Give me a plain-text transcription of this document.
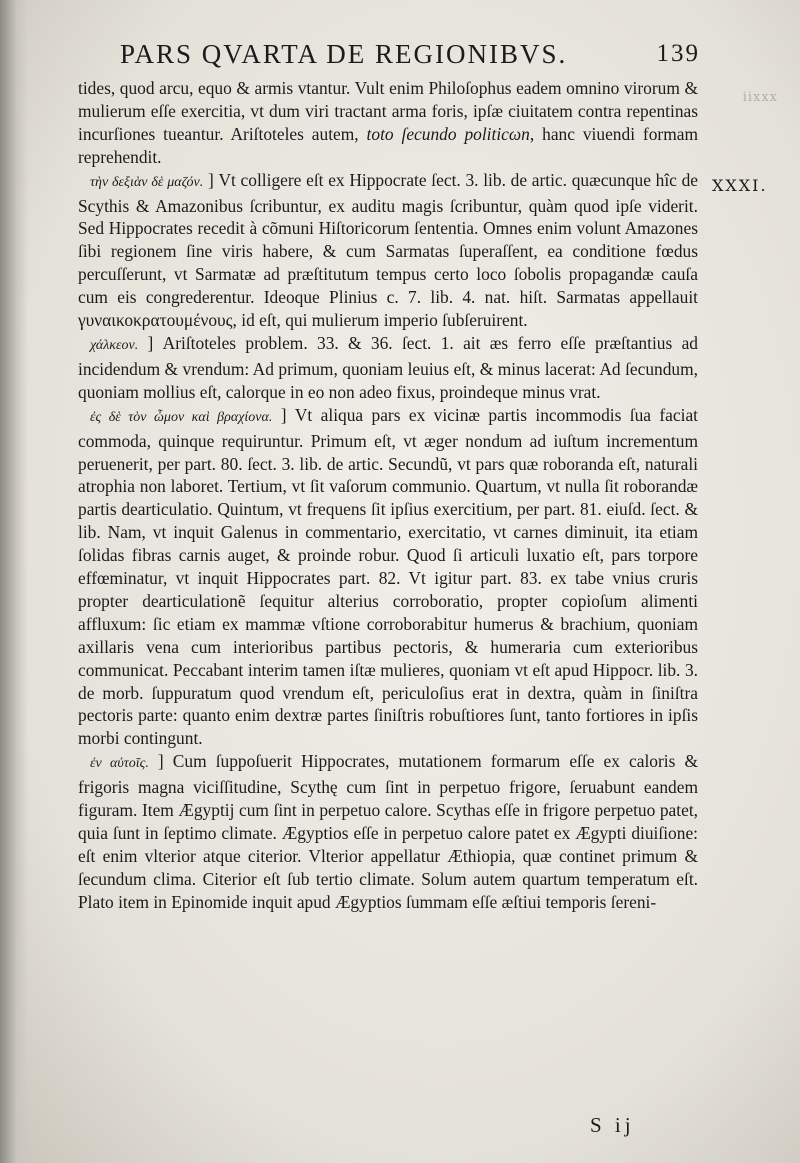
PARS QVARTA DE REGIONIBVS.	139
iixxx
XXXI.

tides, quod arcu, equo & armis vtantur. Vult enim Philoſophus eadem omnino virorum & mulierum eſſe exercitia, vt dum viri tractant arma foris, ipſæ ciuitatem contra repentinas incurſiones tueantur. Ariſtoteles autem, toto ſecundo politicωn, hanc viuendi formam reprehendit.

τὴν δεξιὰν δὲ μαζόν. ] Vt colligere eſt ex Hippocrate ſect. 3. lib. de artic. quæcunque hîc de Scythis & Amazonibus ſcribuntur, ex auditu magis ſcribuntur, quàm quod ipſe viderit. Sed Hippocrates recedit à cõmuni Hiſtoricorum ſententia. Omnes enim volunt Amazones ſibi regionem ſine viris habere, & cum Sarmatas ſuperaſſent, ea conditione fœdus percuſſerunt, vt Sarmatæ ad præſtitutum tempus certo loco ſobolis propagandæ cauſa cum eis congrederentur. Ideoque Plinius c. 7. lib. 4. nat. hiſt. Sarmatas appellauit γυναικοκρατουμένους, id eſt, qui mulierum imperio ſubſeruirent.

χάλκεον. ] Ariſtoteles problem. 33. & 36. ſect. 1. ait æs ferro eſſe præſtantius ad incidendum & vrendum: Ad primum, quoniam leuius eſt, & minus lacerat: Ad ſecundum, quoniam mollius eſt, calorque in eo non adeo fixus, proindeque minus vrat.

ἐς δὲ τὸν ὦμον καὶ βραχίονα. ] Vt aliqua pars ex vicinæ partis incommodis ſua faciat commoda, quinque requiruntur. Primum eſt, vt æger nondum ad iuſtum incrementum peruenerit, per part. 80. ſect. 3. lib. de artic. Secundũ, vt pars quæ roboranda eſt, naturali atrophia non laboret. Tertium, vt ſit vaſorum communio. Quartum, vt nulla ſit roborandæ partis dearticulatio. Quintum, vt frequens ſit ipſius exercitium, per part. 81. eiuſd. ſect. & lib. Nam, vt inquit Galenus in commentario, exercitatio, vt carnes diminuit, ita etiam ſolidas fibras carnis auget, & proinde robur. Quod ſi articuli luxatio eſt, pars torpore effœminatur, vt inquit Hippocrates part. 82. Vt igitur part. 83. ex tabe vnius cruris propter dearticulationẽ ſequitur alterius corroboratio, propter copioſum alimenti affluxum: ſic etiam ex mammæ vſtione corroborabitur humerus & brachium, quoniam axillaris vena cum interioribus partibus pectoris, & humeraria cum exterioribus communicat. Peccabant interim tamen iſtæ mulieres, quoniam vt eſt apud Hippocr. lib. 3. de morb. ſuppuratum quod vrendum eſt, periculoſius erat in dextra, quàm in ſiniſtra pectoris parte: quanto enim dextræ partes ſiniſtris robuſtiores ſunt, tanto fortiores in ipſis morbi contingunt.

ἐν αὐτοῖς. ] Cum ſuppoſuerit Hippocrates, mutationem formarum eſſe ex caloris & frigoris magna viciſſitudine, Scythę cum ſint in perpetuo frigore, ſeruabunt eandem figuram. Item Ægyptij cum ſint in perpetuo calore. Scythas eſſe in frigore perpetuo patet, quia ſunt in ſeptimo climate. Ægyptios eſſe in perpetuo calore patet ex Ægypti diuiſione: eſt enim vlterior atque citerior. Vlterior appellatur Æthiopia, quæ continet primum & ſecundum clima. Citerior eſt ſub tertio climate. Solum autem quartum temperatum eſt. Plato item in Epinomide inquit apud Ægyptios ſummam eſſe æſtiui temporis ſereni-

S ij
